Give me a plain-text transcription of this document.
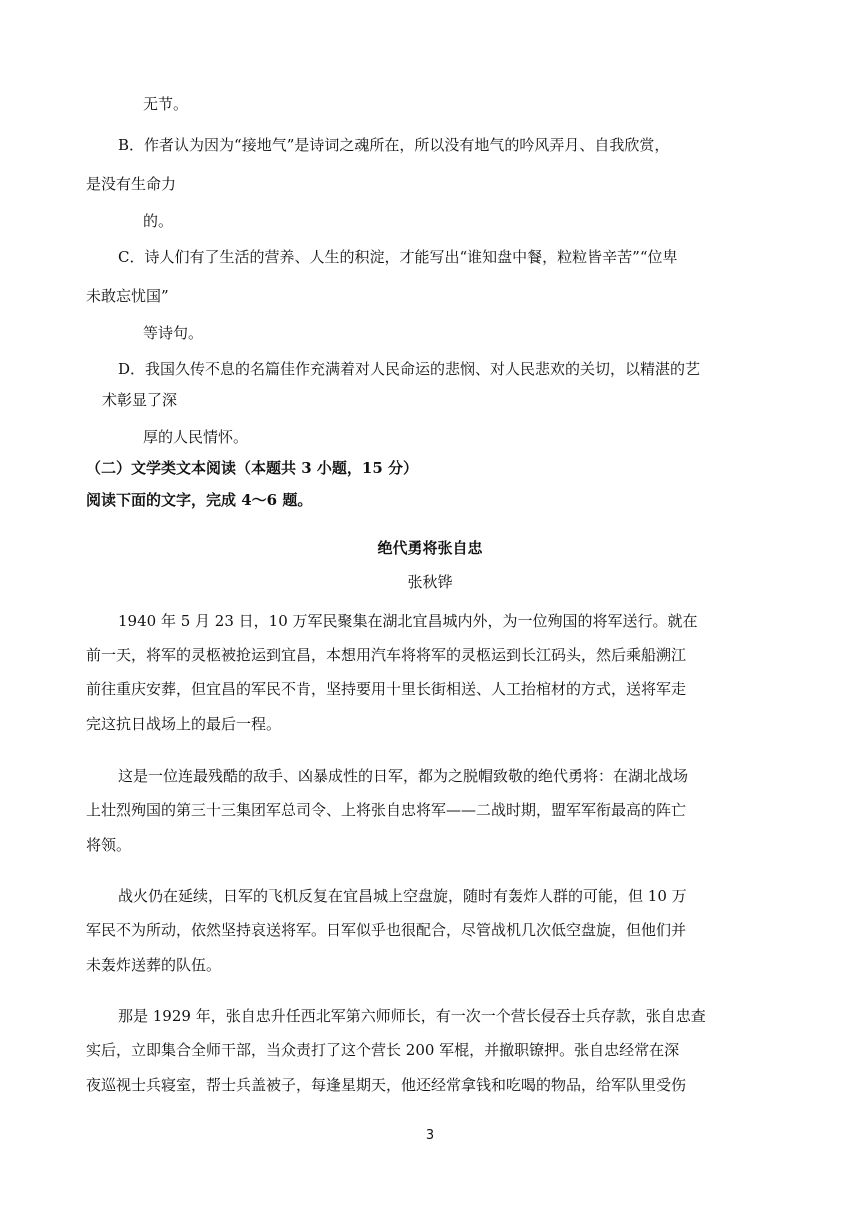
无节。
B．作者认为因为“接地气”是诗词之魂所在，所以没有地气的吟风弄月、自我欣赏，
是没有生命力
的。
C．诗人们有了生活的营养、人生的积淀，才能写出“谁知盘中餐，粒粒皆辛苦”“位卑
未敢忘忧国”
等诗句。
D．我国久传不息的名篇佳作充满着对人民命运的悲悯、对人民悲欢的关切，以精湛的艺
术彰显了深
厚的人民情怀。
（二）文学类文本阅读（本题共 3 小题，15 分）
阅读下面的文字，完成 4～6 题。
绝代勇将张自忠
张秋铧
1940 年 5 月 23 日，10 万军民聚集在湖北宜昌城内外，为一位殉国的将军送行。就在
前一天，将军的灵柩被抢运到宜昌，本想用汽车将将军的灵柩运到长江码头，然后乘船溯江
前往重庆安葬，但宜昌的军民不肯，坚持要用十里长街相送、人工抬棺材的方式，送将军走
完这抗日战场上的最后一程。
这是一位连最残酷的敌手、凶暴成性的日军，都为之脱帽致敬的绝代勇将：在湖北战场
上壮烈殉国的第三十三集团军总司令、上将张自忠将军——二战时期，盟军军衔最高的阵亡
将领。
战火仍在延续，日军的飞机反复在宜昌城上空盘旋，随时有轰炸人群的可能，但 10 万
军民不为所动，依然坚持哀送将军。日军似乎也很配合，尽管战机几次低空盘旋，但他们并
未轰炸送葬的队伍。
那是 1929 年，张自忠升任西北军第六师师长，有一次一个营长侵吞士兵存款，张自忠查
实后，立即集合全师干部，当众责打了这个营长 200 军棍，并撤职镣押。张自忠经常在深
夜巡视士兵寝室，帮士兵盖被子，每逢星期天，他还经常拿钱和吃喝的物品，给军队里受伤
3
